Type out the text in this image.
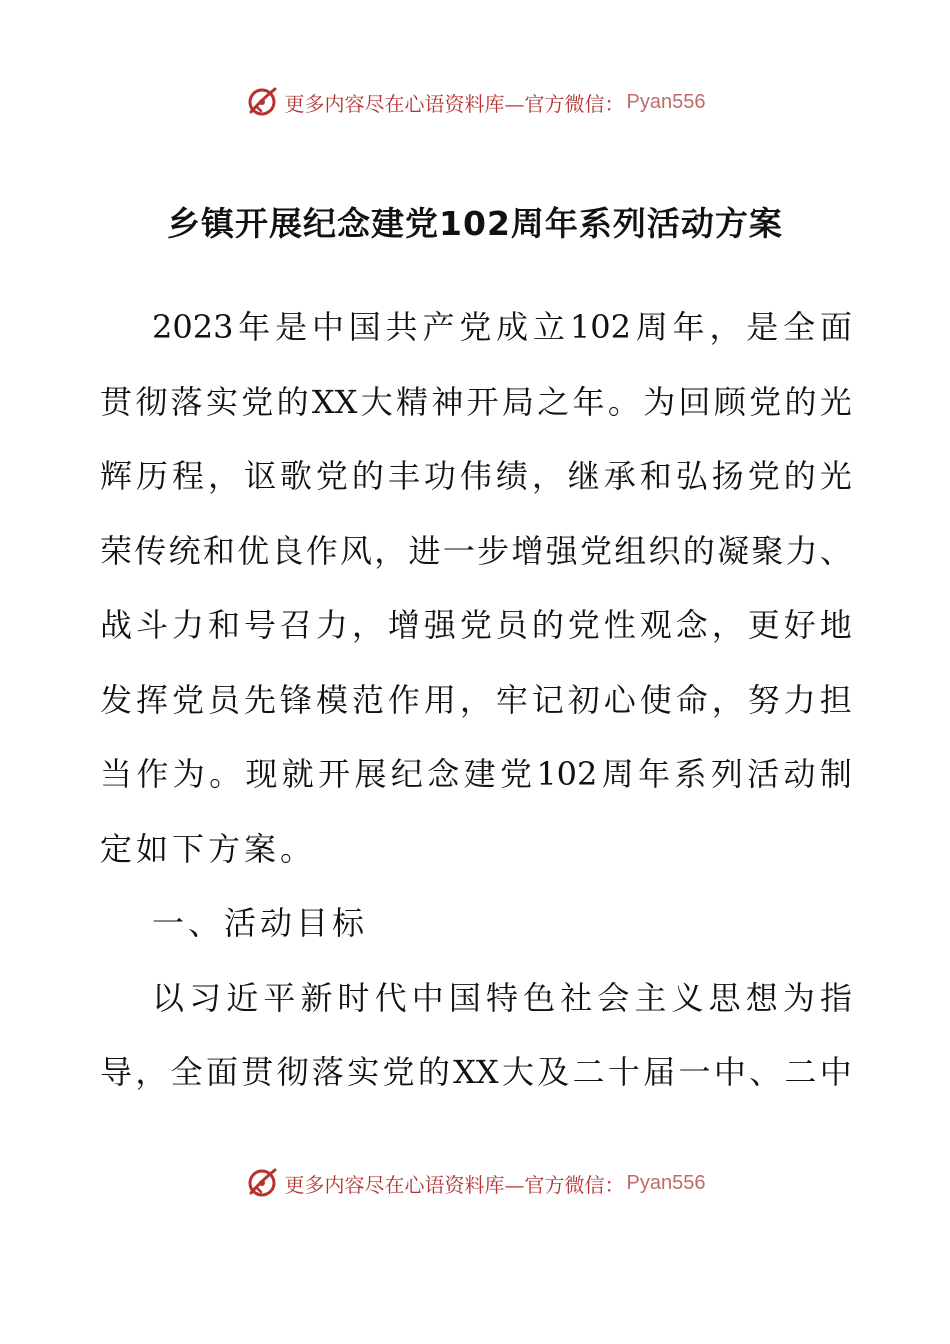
更多内容尽在心语资料库—官方微信： Pyan556
乡镇开展纪念建党102周年系列活动方案
2023 年 是 中 国 共 产 党 成 立 102 周 年 ， 是 全 面
贯 彻 落 实 党 的 XX 大 精 神 开 局 之 年 。 为 回 顾 党 的 光
辉 历 程 ， 讴 歌 党 的 丰 功 伟 绩 ， 继 承 和 弘 扬 党 的 光
荣 传 统 和 优 良 作 风 ， 进 一 步 增 强 党 组 织 的 凝 聚 力 、
战 斗 力 和 号 召 力 ， 增 强 党 员 的 党 性 观 念 ， 更 好 地
发 挥 党 员 先 锋 模 范 作 用 ， 牢 记 初 心 使 命 ， 努 力 担
当 作 为 。 现 就 开 展 纪 念 建 党 102 周 年 系 列 活 动 制
定如下方案。
一、活动目标
以 习 近 平 新 时 代 中 国 特 色 社 会 主 义 思 想 为 指
导 ， 全 面 贯 彻 落 实 党 的 XX 大 及 二 十 届 一 中 、 二 中
更多内容尽在心语资料库—官方微信： Pyan556
